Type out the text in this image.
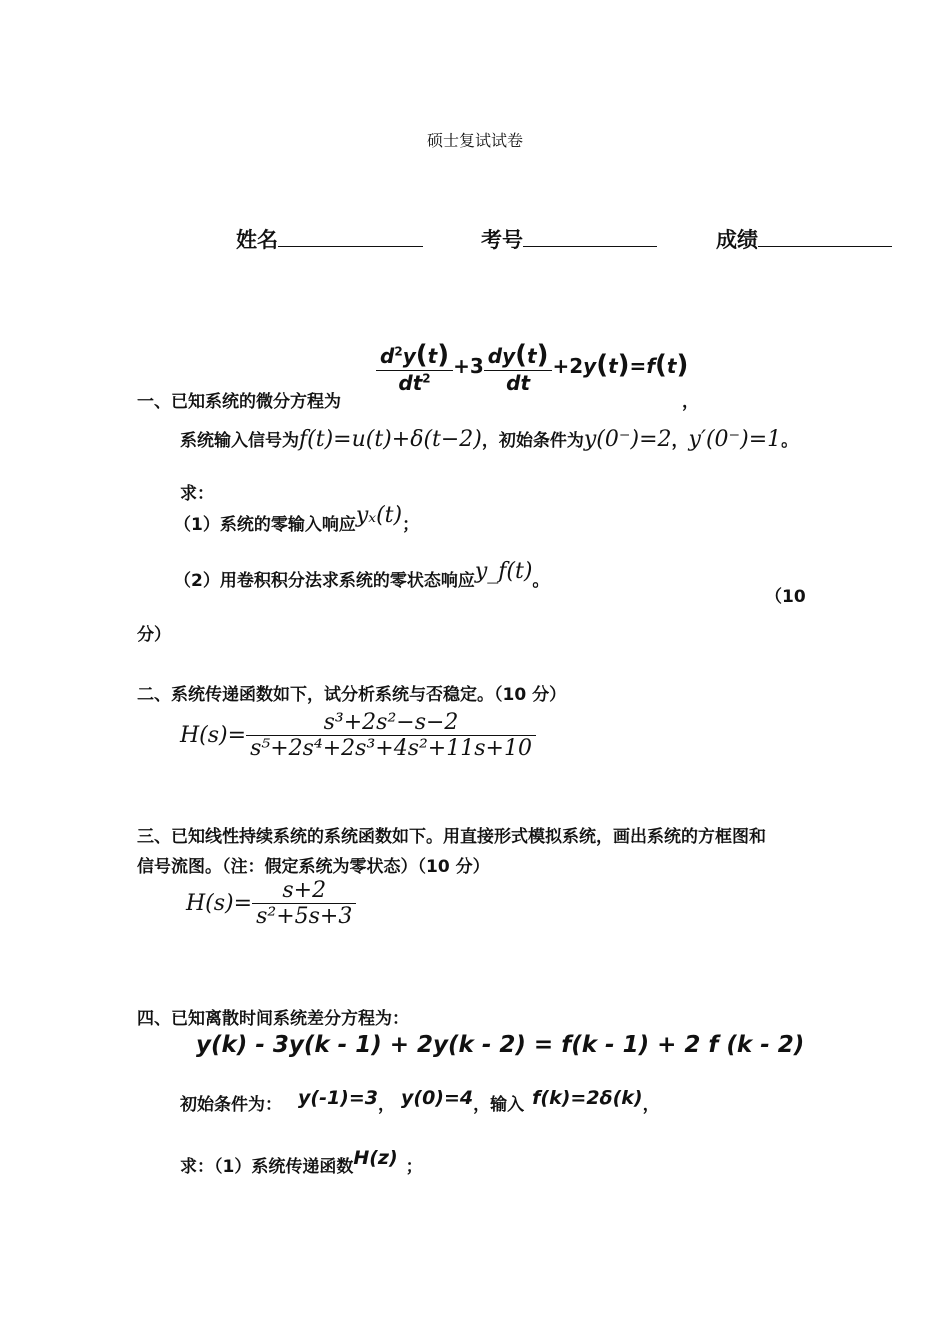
硕士复试试卷
姓名	考号	成绩
一、已知系统的微分方程为
$\frac{d^2y(t)}{dt^2} +3 \frac{dy(t)}{dt} +2y(t)=f(t)$
，
系统输入信号为f(t)=u(t)+δ(t−2)，初始条件为y(0⁻)=2，y′(0⁻)=1。
求：
（1）系统的零输入响应yₓ(t)；
（2）用卷积积分法求系统的零状态响应y_f(t)。
（10
分）
二、系统传递函数如下，试分析系统与否稳定。（10 分）
$H(s)= \frac{\text{s³+2s²−s−2}}{\text{s⁵+2s⁴+2s³+4s²+11s+10}}$
三、已知线性持续系统的系统函数如下。用直接形式模拟系统，画出系统的方框图和
信号流图。（注：假定系统为零状态）（10 分）
$H(s)= \frac{s+2}{\text{s²+5s+3}}$
四、已知离散时间系统差分方程为：
y(k) - 3y(k - 1) + 2y(k - 2) = f(k - 1) + 2 f (k - 2)
初始条件为： y(-1)=3， y(0)=4，输入 f(k)=2δ(k)，
求：（1）系统传递函数H(z) ；
